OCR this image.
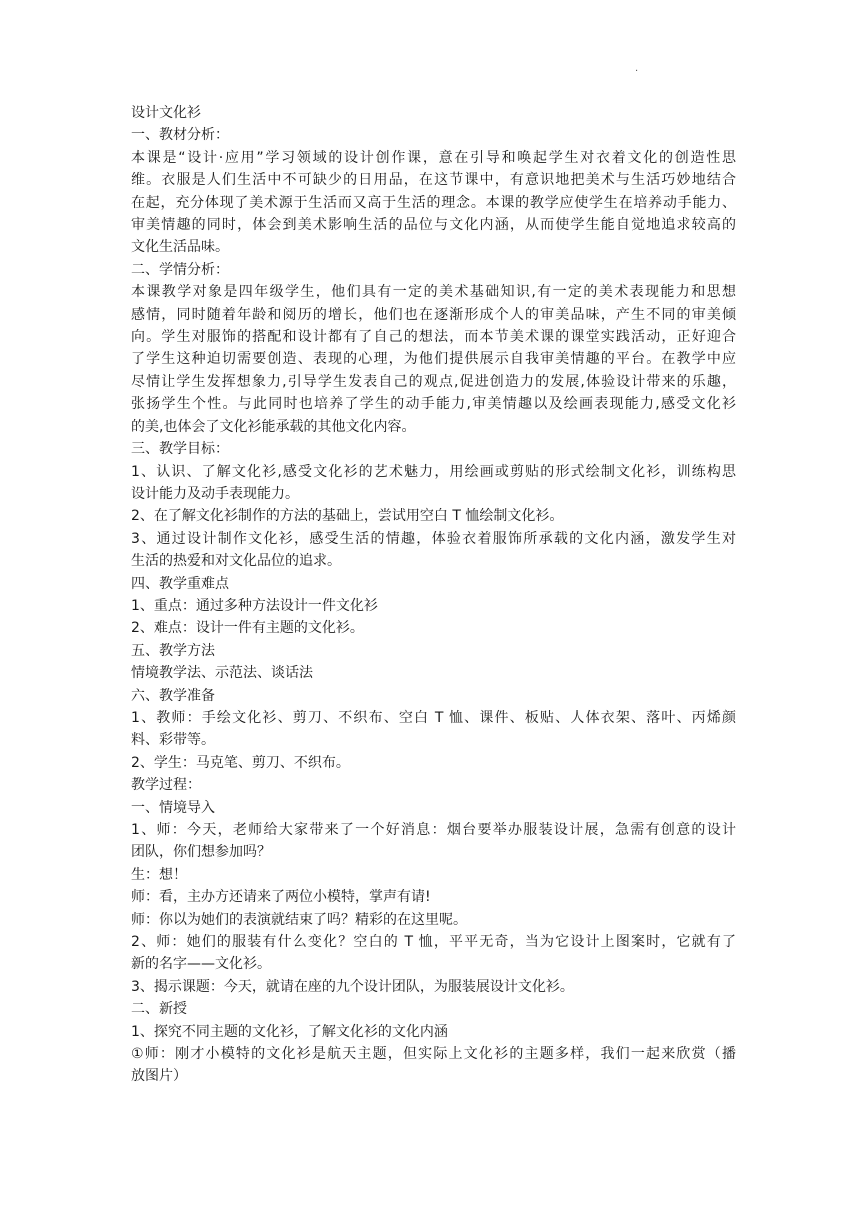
.

设计文化衫

一、教材分析：

本课是“设计·应用”学习领域的设计创作课，意在引导和唤起学生对衣着文化的创造性思

维。衣服是人们生活中不可缺少的日用品，在这节课中，有意识地把美术与生活巧妙地结合

在起，充分体现了美术源于生活而又高于生活的理念。本课的教学应使学生在培养动手能力、

审美情趣的同时，体会到美术影响生活的品位与文化内涵，从而使学生能自觉地追求较高的

文化生活品味。

二、学情分析：

本课教学对象是四年级学生，他们具有一定的美术基础知识,有一定的美术表现能力和思想

感情，同时随着年龄和阅历的增长，他们也在逐渐形成个人的审美品味，产生不同的审美倾

向。学生对服饰的搭配和设计都有了自己的想法，而本节美术课的课堂实践活动，正好迎合

了学生这种迫切需要创造、表现的心理，为他们提供展示自我审美情趣的平台。在教学中应

尽情让学生发挥想象力,引导学生发表自己的观点,促进创造力的发展,体验设计带来的乐趣，

张扬学生个性。与此同时也培养了学生的动手能力,审美情趣以及绘画表现能力,感受文化衫

的美,也体会了文化衫能承载的其他文化内容。

三、教学目标：

1、认识、了解文化衫,感受文化衫的艺术魅力，用绘画或剪贴的形式绘制文化衫，训练构思

设计能力及动手表现能力。

2、在了解文化衫制作的方法的基础上，尝试用空白 T 恤绘制文化衫。

3、通过设计制作文化衫，感受生活的情趣，体验衣着服饰所承载的文化内涵，激发学生对

生活的热爱和对文化品位的追求。

四、教学重难点

1、重点：通过多种方法设计一件文化衫

2、难点：设计一件有主题的文化衫。

五、教学方法

情境教学法、示范法、谈话法

六、教学准备

1、教师：手绘文化衫、剪刀、不织布、空白 T 恤、课件、板贴、人体衣架、落叶、丙烯颜

料、彩带等。

2、学生：马克笔、剪刀、不织布。

教学过程：

一、情境导入

1、师：今天，老师给大家带来了一个好消息：烟台要举办服装设计展，急需有创意的设计

团队，你们想参加吗？

生：想！

师：看，主办方还请来了两位小模特，掌声有请!

师：你以为她们的表演就结束了吗？精彩的在这里呢。

2、师：她们的服装有什么变化？空白的 T 恤，平平无奇，当为它设计上图案时，它就有了

新的名字——文化衫。

3、揭示课题：今天，就请在座的九个设计团队，为服装展设计文化衫。

二、新授

1、探究不同主题的文化衫，了解文化衫的文化内涵

①师：刚才小模特的文化衫是航天主题，但实际上文化衫的主题多样，我们一起来欣赏（播

放图片）
